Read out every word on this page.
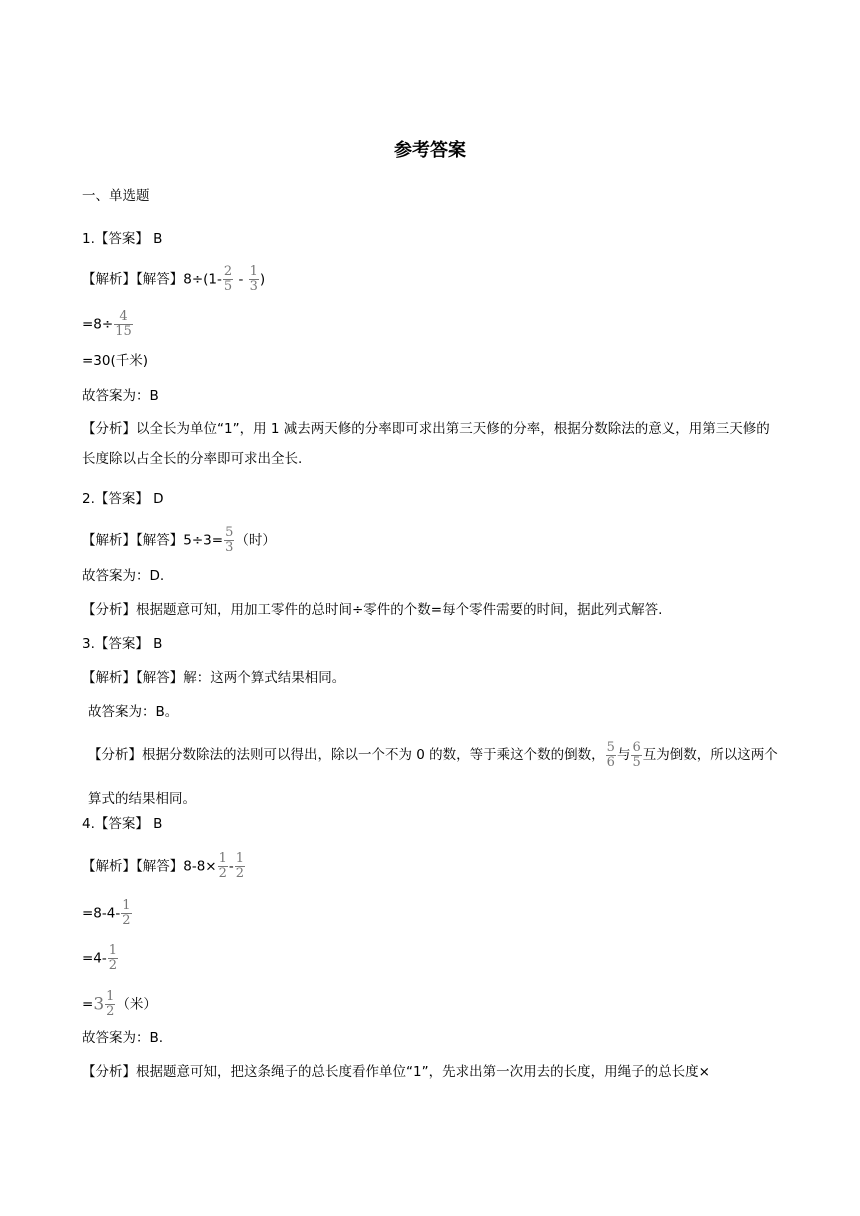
参考答案
一、单选题
1.【答案】 B
【解析】【解答】$8\div(1- \frac{2}{5} - \frac{1}{3}$ )
$=8\div \frac{4}{15}$
=30(千米)
故答案为：B
【分析】以全长为单位“1”，用 1 减去两天修的分率即可求出第三天修的分率，根据分数除法的意义，用第三天修的长度除以占全长的分率即可求出全长.
2.【答案】 D
【解析】【解答】$5\div 3= \frac{5}{3}$ （时）
故答案为：D.
【分析】根据题意可知，用加工零件的总时间÷零件的个数=每个零件需要的时间，据此列式解答.
3.【答案】 B
【解析】【解答】解：这两个算式结果相同。
故答案为：B。
【分析】根据分数除法的法则可以得出，除以一个不为 0 的数，等于乘这个数的倒数， $\frac{5}{6}$ 与 $\frac{6}{5}$ 互为倒数，所以这两个算式的结果相同。
4.【答案】 B
【解析】【解答】$8-8\times \frac{1}{2} - \frac{1}{2}$
$=8-4- \frac{1}{2}$
$=4- \frac{1}{2}$
$=3 \frac{1}{2}$ （米）
故答案为：B.
【分析】根据题意可知，把这条绳子的总长度看作单位“1”，先求出第一次用去的长度，用绳子的总长度×
